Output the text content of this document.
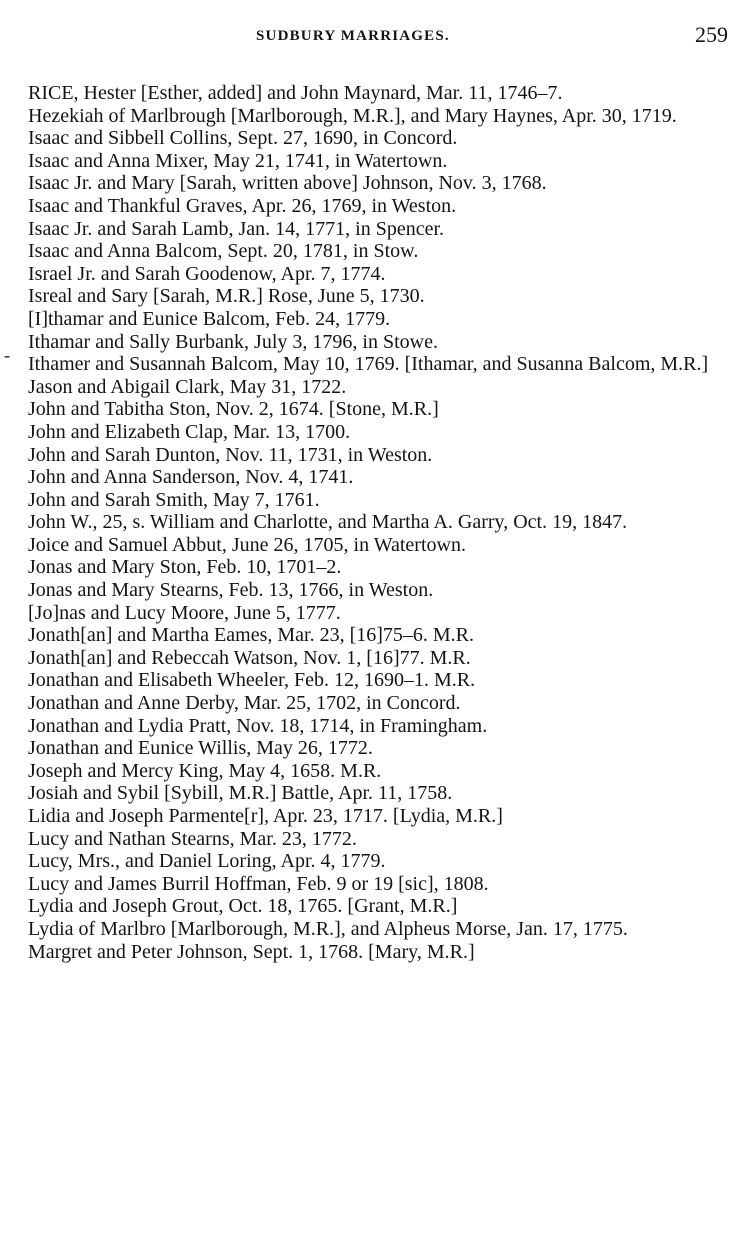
SUDBURY MARRIAGES.	259
-

RICE, Hester [Esther, added] and John Maynard, Mar. 11, 1746–7.

Hezekiah of Marlbrough [Marlborough, M.R.], and Mary Haynes, Apr. 30, 1719.

Isaac and Sibbell Collins, Sept. 27, 1690, in Concord.

Isaac and Anna Mixer, May 21, 1741, in Watertown.

Isaac Jr. and Mary [Sarah, written above] Johnson, Nov. 3, 1768.

Isaac and Thankful Graves, Apr. 26, 1769, in Weston.

Isaac Jr. and Sarah Lamb, Jan. 14, 1771, in Spencer.

Isaac and Anna Balcom, Sept. 20, 1781, in Stow.

Israel Jr. and Sarah Goodenow, Apr. 7, 1774.

Isreal and Sary [Sarah, M.R.] Rose, June 5, 1730.

[I]thamar and Eunice Balcom, Feb. 24, 1779.

Ithamar and Sally Burbank, July 3, 1796, in Stowe.

Ithamer and Susannah Balcom, May 10, 1769. [Ithamar, and Susanna Balcom, M.R.]

Jason and Abigail Clark, May 31, 1722.

John and Tabitha Ston, Nov. 2, 1674. [Stone, M.R.]

John and Elizabeth Clap, Mar. 13, 1700.

John and Sarah Dunton, Nov. 11, 1731, in Weston.

John and Anna Sanderson, Nov. 4, 1741.

John and Sarah Smith, May 7, 1761.

John W., 25, s. William and Charlotte, and Martha A. Garry, Oct. 19, 1847.

Joice and Samuel Abbut, June 26, 1705, in Watertown.

Jonas and Mary Ston, Feb. 10, 1701–2.

Jonas and Mary Stearns, Feb. 13, 1766, in Weston.

[Jo]nas and Lucy Moore, June 5, 1777.

Jonath[an] and Martha Eames, Mar. 23, [16]75–6. M.R.

Jonath[an] and Rebeccah Watson, Nov. 1, [16]77. M.R.

Jonathan and Elisabeth Wheeler, Feb. 12, 1690–1. M.R.

Jonathan and Anne Derby, Mar. 25, 1702, in Concord.

Jonathan and Lydia Pratt, Nov. 18, 1714, in Framingham.

Jonathan and Eunice Willis, May 26, 1772.

Joseph and Mercy King, May 4, 1658. M.R.

Josiah and Sybil [Sybill, M.R.] Battle, Apr. 11, 1758.

Lidia and Joseph Parmente[r], Apr. 23, 1717. [Lydia, M.R.]

Lucy and Nathan Stearns, Mar. 23, 1772.

Lucy, Mrs., and Daniel Loring, Apr. 4, 1779.

Lucy and James Burril Hoffman, Feb. 9 or 19 [sic], 1808.

Lydia and Joseph Grout, Oct. 18, 1765. [Grant, M.R.]

Lydia of Marlbro [Marlborough, M.R.], and Alpheus Morse, Jan. 17, 1775.

Margret and Peter Johnson, Sept. 1, 1768. [Mary, M.R.]
